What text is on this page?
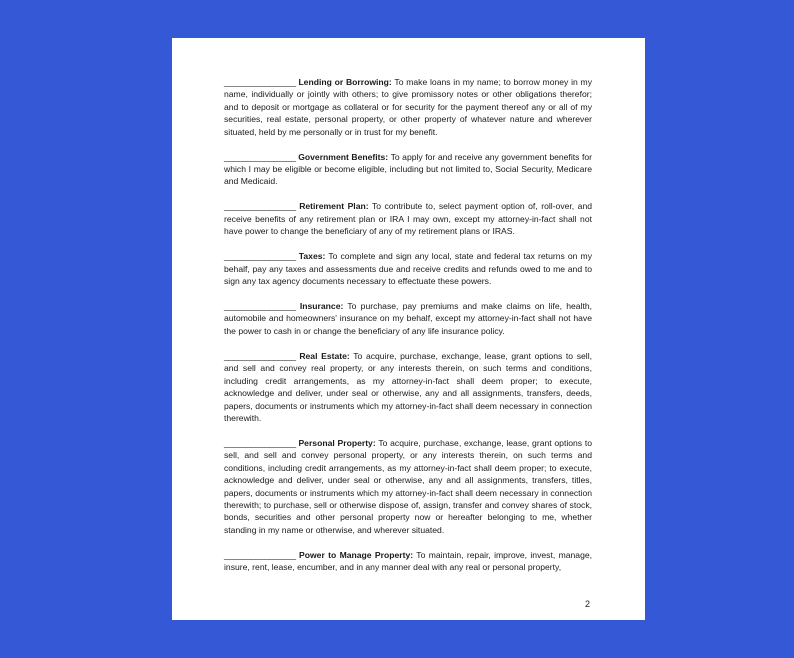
________________ Lending or Borrowing: To make loans in my name; to borrow money in my name, individually or jointly with others; to give promissory notes or other obligations therefor; and to deposit or mortgage as collateral or for security for the payment thereof any or all of my securities, real estate, personal property, or other property of whatever nature and wherever situated, held by me personally or in trust for my benefit.

________________ Government Benefits: To apply for and receive any government benefits for which I may be eligible or become eligible, including but not limited to, Social Security, Medicare and Medicaid.

________________ Retirement Plan: To contribute to, select payment option of, roll-over, and receive benefits of any retirement plan or IRA I may own, except my attorney-in-fact shall not have power to change the beneficiary of any of my retirement plans or IRAS.

________________ Taxes: To complete and sign any local, state and federal tax returns on my behalf, pay any taxes and assessments due and receive credits and refunds owed to me and to sign any tax agency documents necessary to effectuate these powers.

________________ Insurance: To purchase, pay premiums and make claims on life, health, automobile and homeowners' insurance on my behalf, except my attorney-in-fact shall not have the power to cash in or change the beneficiary of any life insurance policy.

________________ Real Estate: To acquire, purchase, exchange, lease, grant options to sell, and sell and convey real property, or any interests therein, on such terms and conditions, including credit arrangements, as my attorney-in-fact shall deem proper; to execute, acknowledge and deliver, under seal or otherwise, any and all assignments, transfers, deeds, papers, documents or instruments which my attorney-in-fact shall deem necessary in connection therewith.

________________ Personal Property: To acquire, purchase, exchange, lease, grant options to sell, and sell and convey personal property, or any interests therein, on such terms and conditions, including credit arrangements, as my attorney-in-fact shall deem proper; to execute, acknowledge and deliver, under seal or otherwise, any and all assignments, transfers, titles, papers, documents or instruments which my attorney-in-fact shall deem necessary in connection therewith; to purchase, sell or otherwise dispose of, assign, transfer and convey shares of stock, bonds, securities and other personal property now or hereafter belonging to me, whether standing in my name or otherwise, and wherever situated.

________________ Power to Manage Property: To maintain, repair, improve, invest, manage, insure, rent, lease, encumber, and in any manner deal with any real or personal property,

2
